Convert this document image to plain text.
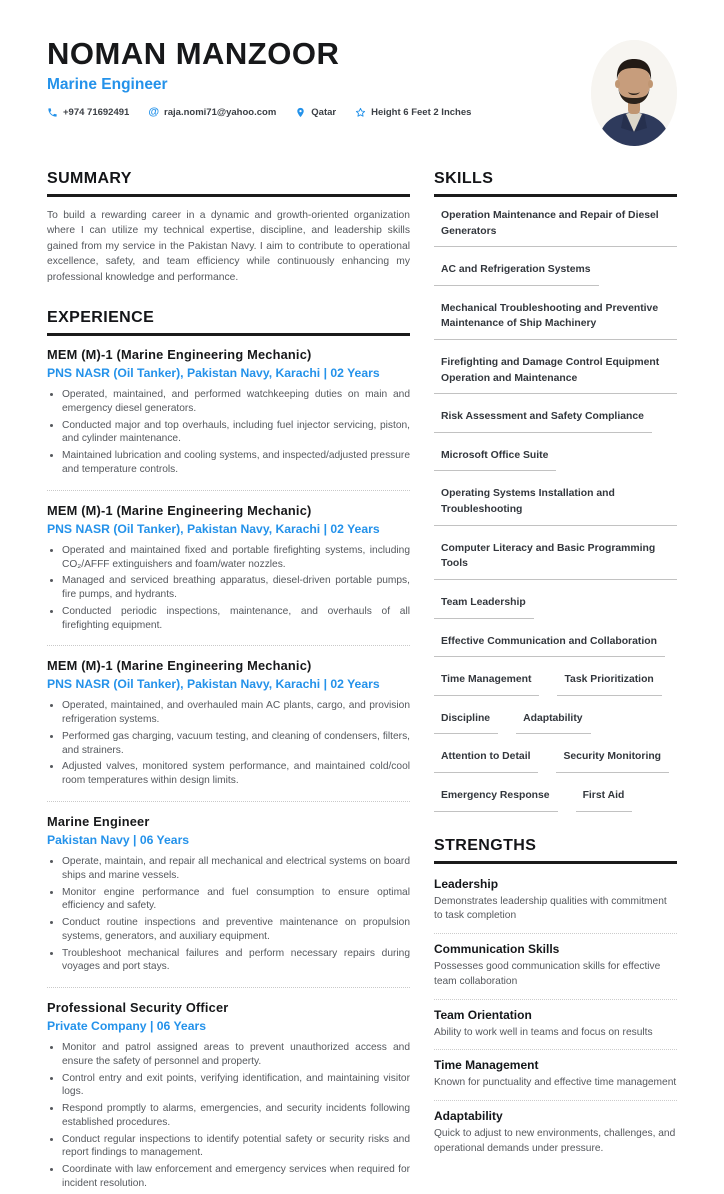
NOMAN MANZOOR
Marine Engineer
+974 71692491 @ raja.nomi71@yahoo.com	Qatar	Height 6 Feet 2 Inches
SUMMARY

To build a rewarding career in a dynamic and growth-oriented organization where I can utilize my technical expertise, discipline, and leadership skills gained from my service in the Pakistan Navy. I aim to contribute to operational excellence, safety, and team efficiency while continuously enhancing my professional knowledge and performance.

EXPERIENCE
MEM (M)-1 (Marine Engineering Mechanic)
PNS NASR (Oil Tanker), Pakistan Navy, Karachi | 02 Years
• Operated, maintained, and performed watchkeeping duties on main and emergency diesel generators.
• Conducted major and top overhauls, including fuel injector servicing, piston, and cylinder maintenance.
• Maintained lubrication and cooling systems, and inspected/adjusted pressure and temperature controls.
MEM (M)-1 (Marine Engineering Mechanic)
PNS NASR (Oil Tanker), Pakistan Navy, Karachi | 02 Years
• Operated and maintained fixed and portable firefighting systems, including CO₂/AFFF extinguishers and foam/water nozzles.
• Managed and serviced breathing apparatus, diesel-driven portable pumps, fire pumps, and hydrants.
• Conducted periodic inspections, maintenance, and overhauls of all firefighting equipment.
MEM (M)-1 (Marine Engineering Mechanic)
PNS NASR (Oil Tanker), Pakistan Navy, Karachi | 02 Years
• Operated, maintained, and overhauled main AC plants, cargo, and provision refrigeration systems.
• Performed gas charging, vacuum testing, and cleaning of condensers, filters, and strainers.
• Adjusted valves, monitored system performance, and maintained cold/cool room temperatures within design limits.
Marine Engineer
Pakistan Navy | 06 Years
• Operate, maintain, and repair all mechanical and electrical systems on board ships and marine vessels.
• Monitor engine performance and fuel consumption to ensure optimal efficiency and safety.
• Conduct routine inspections and preventive maintenance on propulsion systems, generators, and auxiliary equipment.
• Troubleshoot mechanical failures and perform necessary repairs during voyages and port stays.
Professional Security Officer
Private Company | 06 Years
• Monitor and patrol assigned areas to prevent unauthorized access and ensure the safety of personnel and property.
• Control entry and exit points, verifying identification, and maintaining visitor logs.
• Respond promptly to alarms, emergencies, and security incidents following established procedures.
• Conduct regular inspections to identify potential safety or security risks and report findings to management.
• Coordinate with law enforcement and emergency services when required for incident resolution.
SKILLS
Operation Maintenance and Repair of Diesel Generators
AC and Refrigeration Systems
Mechanical Troubleshooting and Preventive Maintenance of Ship Machinery
Firefighting and Damage Control Equipment Operation and Maintenance
Risk Assessment and Safety Compliance
Microsoft Office Suite
Operating Systems Installation and Troubleshooting
Computer Literacy and Basic Programming Tools
Team Leadership
Effective Communication and Collaboration
Time Management	Task Prioritization
Discipline	Adaptability
Attention to Detail	Security Monitoring
Emergency Response	First Aid
STRENGTHS
Leadership

Demonstrates leadership qualities with commitment to task completion

Communication Skills

Possesses good communication skills for effective team collaboration

Team Orientation

Ability to work well in teams and focus on results

Time Management

Known for punctuality and effective time management

Adaptability

Quick to adjust to new environments, challenges, and operational demands under pressure.
